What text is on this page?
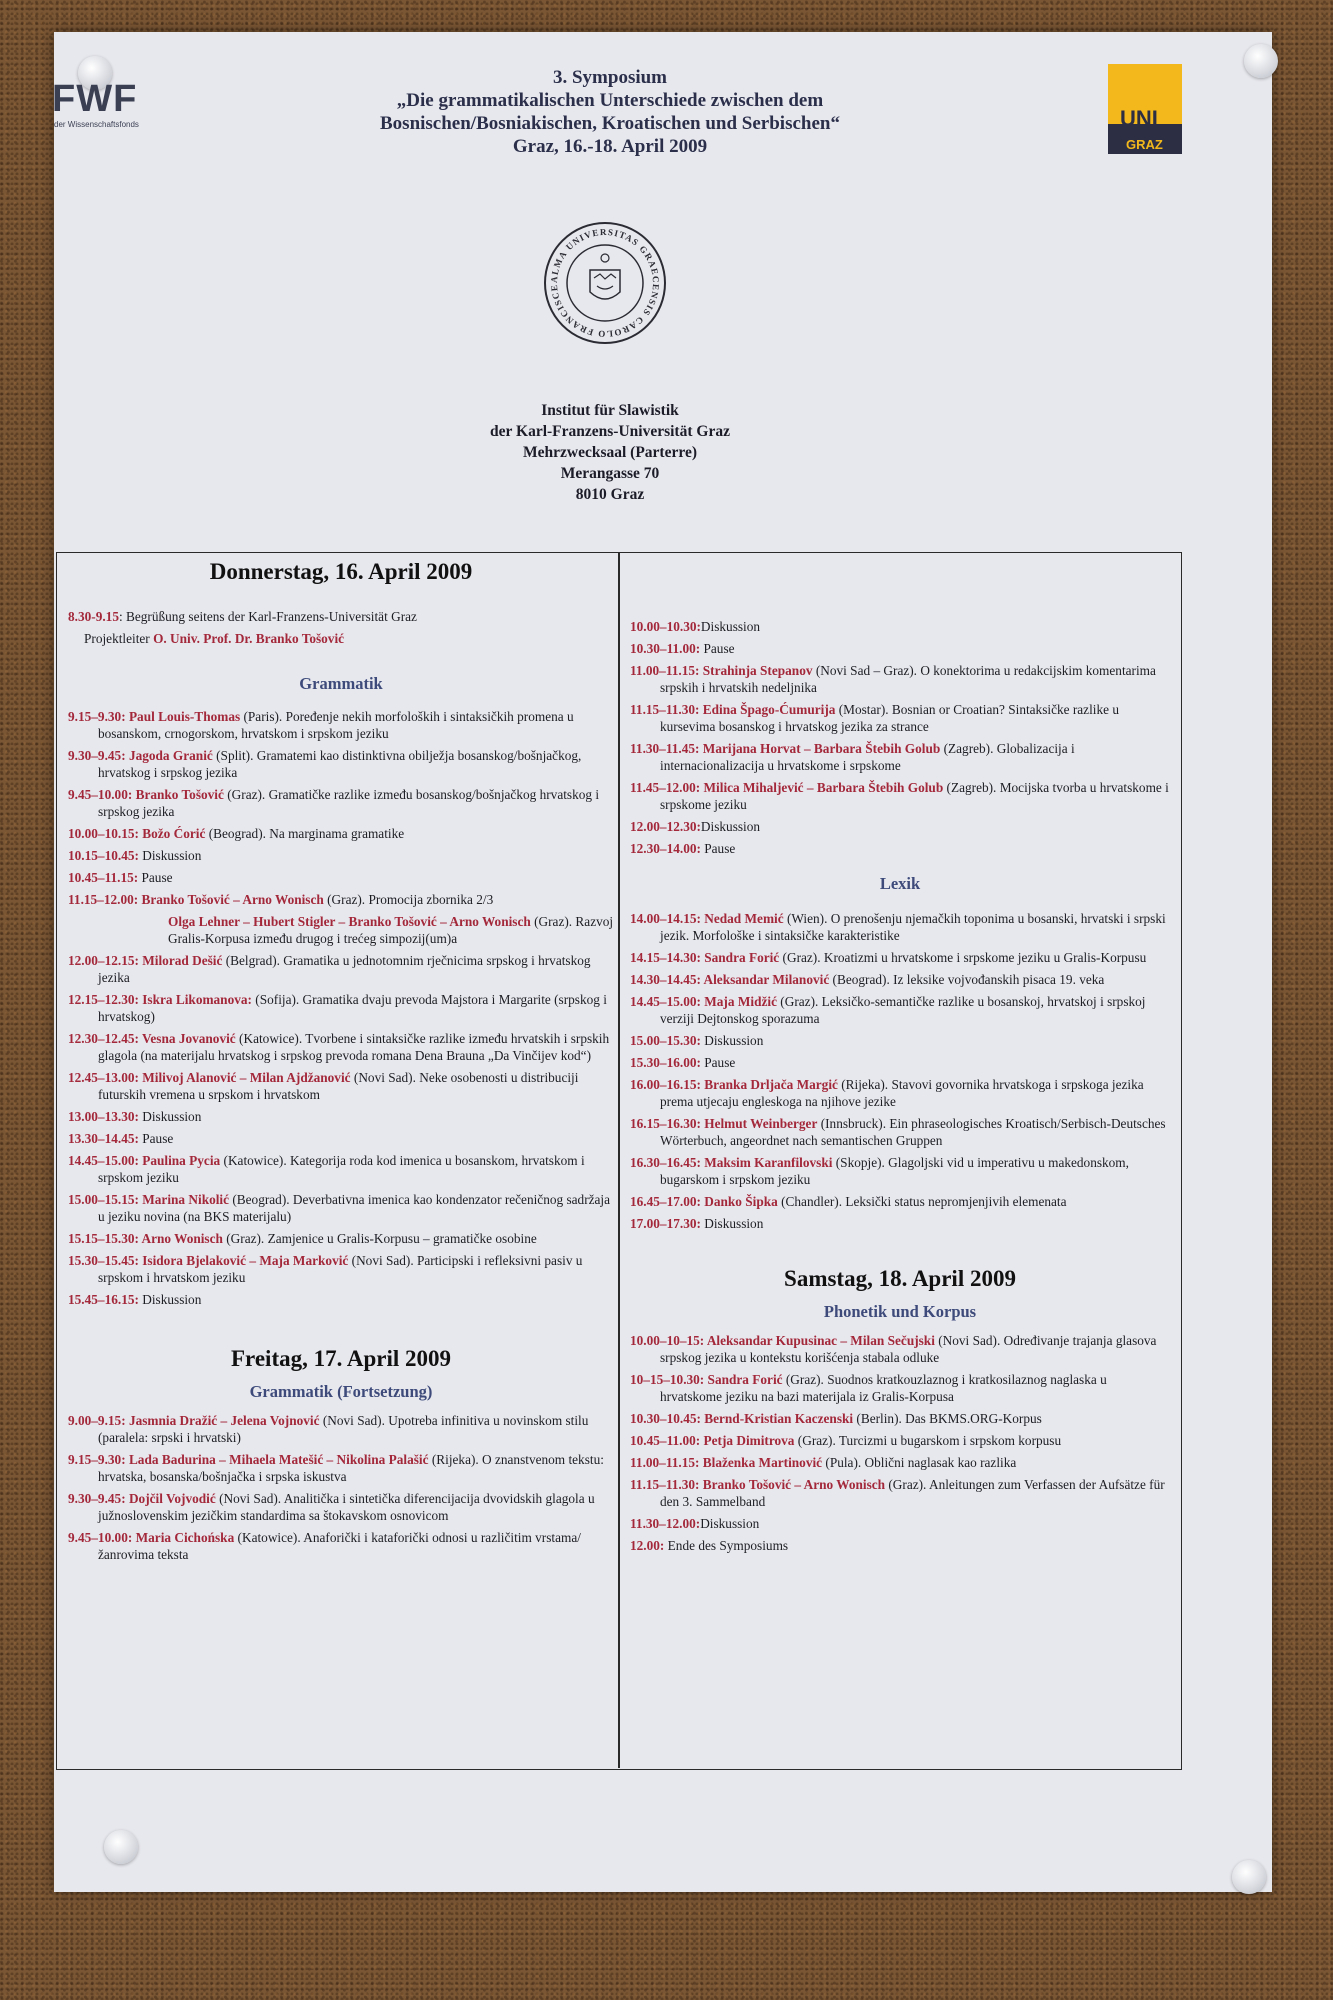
FWF
der Wissenschaftsfonds	UNI
GRAZ
3. Symposium
„Die grammatikalischen Unterschiede zwischen dem
Bosnischen/Bosniakischen, Kroatischen und Serbischen“
Graz, 16.-18. April 2009
ALMA UNIVERSITAS GRAECENSIS CAROLO FRANCISCE
Institut für Slawistik
der Karl-Franzens-Universität Graz
Mehrzwecksaal (Parterre)
Merangasse 70
8010 Graz
Donnerstag, 16. April 2009
8.30-9.15: Begrüßung seitens der Karl-Franzens-Universität Graz
Projektleiter O. Univ. Prof. Dr. Branko Tošović
Grammatik
9.15–9.30: Paul Louis-Thomas (Paris). Poređenje nekih morfoloških i sintaksičkih promena u bosanskom, crnogorskom, hrvatskom i srpskom jeziku
9.30–9.45: Jagoda Granić (Split). Gramatemi kao distinktivna obilježja bosanskog/bošnjačkog, hrvatskog i srpskog jezika
9.45–10.00: Branko Tošović (Graz). Gramatičke razlike između bosanskog/bošnjačkog hrvatskog i srpskog jezika
10.00–10.15: Božo Ćorić (Beograd). Na marginama gramatike
10.15–10.45: Diskussion
10.45–11.15: Pause
11.15–12.00: Branko Tošović – Arno Wonisch (Graz). Promocija zbornika 2/3
Olga Lehner – Hubert Stigler – Branko Tošović – Arno Wonisch (Graz). Razvoj Gralis-Korpusa između drugog i trećeg simpozij(um)a
12.00–12.15: Milorad Dešić (Belgrad). Gramatika u jednotomnim rječnicima srpskog i hrvatskog jezika
12.15–12.30: Iskra Likomanova: (Sofija). Gramatika dvaju prevoda Majstora i Margarite (srpskog i hrvatskog)
12.30–12.45: Vesna Jovanović (Katowice). Tvorbene i sintaksičke razlike između hrvatskih i srpskih glagola (na materijalu hrvatskog i srpskog prevoda romana Dena Brauna „Da Vinčijev kod“)
12.45–13.00: Milivoj Alanović – Milan Ajdžanović (Novi Sad). Neke osobenosti u distribuciji futurskih vremena u srpskom i hrvatskom
13.00–13.30: Diskussion
13.30–14.45: Pause
14.45–15.00: Paulina Pycia (Katowice). Kategorija roda kod imenica u bosanskom, hrvatskom i srpskom jeziku
15.00–15.15: Marina Nikolić (Beograd). Deverbativna imenica kao kondenzator rečeničnog sadržaja u jeziku novina (na BKS materijalu)
15.15–15.30: Arno Wonisch (Graz). Zamjenice u Gralis-Korpusu – gramatičke osobine
15.30–15.45: Isidora Bjelaković – Maja Marković (Novi Sad). Participski i refleksivni pasiv u srpskom i hrvatskom jeziku
15.45–16.15: Diskussion
Freitag, 17. April 2009
Grammatik (Fortsetzung)
9.00–9.15: Jasmnia Dražić – Jelena Vojnović (Novi Sad). Upotreba infinitiva u novinskom stilu (paralela: srpski i hrvatski)
9.15–9.30: Lada Badurina – Mihaela Matešić – Nikolina Palašić (Rijeka). O znanstvenom tekstu: hrvatska, bosanska/bošnjačka i srpska iskustva
9.30–9.45: Dojčil Vojvodić (Novi Sad). Analitička i sintetička diferencijacija dvovidskih glagola u južnoslovenskim jezičkim standardima sa štokavskom osnovicom
9.45–10.00: Maria Cichońska (Katowice). Anaforički i kataforički odnosi u različitim vrstama/žanrovima teksta
10.00–10.30:Diskussion
10.30–11.00: Pause
11.00–11.15: Strahinja Stepanov (Novi Sad – Graz). O konektorima u redakcijskim komentarima srpskih i hrvatskih nedeljnika
11.15–11.30: Edina Špago-Ćumurija (Mostar). Bosnian or Croatian? Sintaksičke razlike u kursevima bosanskog i hrvatskog jezika za strance
11.30–11.45: Marijana Horvat – Barbara Štebih Golub (Zagreb). Globalizacija i internacionalizacija u hrvatskome i srpskome
11.45–12.00: Milica Mihaljević – Barbara Štebih Golub (Zagreb). Mocijska tvorba u hrvatskome i srpskome jeziku
12.00–12.30:Diskussion
12.30–14.00: Pause
Lexik
14.00–14.15: Nedad Memić (Wien). O prenošenju njemačkih toponima u bosanski, hrvatski i srpski jezik. Morfološke i sintaksičke karakteristike
14.15–14.30: Sandra Forić (Graz). Kroatizmi u hrvatskome i srpskome jeziku u Gralis-Korpusu
14.30–14.45: Aleksandar Milanović (Beograd). Iz leksike vojvođanskih pisaca 19. veka
14.45–15.00: Maja Midžić (Graz). Leksičko-semantičke razlike u bosanskoj, hrvatskoj i srpskoj verziji Dejtonskog sporazuma
15.00–15.30: Diskussion
15.30–16.00: Pause
16.00–16.15: Branka Drljača Margić (Rijeka). Stavovi govornika hrvatskoga i srpskoga jezika prema utjecaju engleskoga na njihove jezike
16.15–16.30: Helmut Weinberger (Innsbruck). Ein phraseologisches Kroatisch/Serbisch-Deutsches Wörterbuch, angeordnet nach semantischen Gruppen
16.30–16.45: Maksim Karanfilovski (Skopje). Glagoljski vid u imperativu u makedonskom, bugarskom i srpskom jeziku
16.45–17.00: Danko Šipka (Chandler). Leksički status nepromjenjivih elemenata
17.00–17.30: Diskussion
Samstag, 18. April 2009
Phonetik und Korpus
10.00–10–15: Aleksandar Kupusinac – Milan Sečujski (Novi Sad). Određivanje trajanja glasova srpskog jezika u kontekstu korišćenja stabala odluke
10–15–10.30: Sandra Forić (Graz). Suodnos kratkouzlaznog i kratkosilaznog naglaska u hrvatskome jeziku na bazi materijala iz Gralis-Korpusa
10.30–10.45: Bernd-Kristian Kaczenski (Berlin). Das BKMS.ORG-Korpus
10.45–11.00: Petja Dimitrova (Graz). Turcizmi u bugarskom i srpskom korpusu
11.00–11.15: Blaženka Martinović (Pula). Oblični naglasak kao razlika
11.15–11.30: Branko Tošović – Arno Wonisch (Graz). Anleitungen zum Verfassen der Aufsätze für den 3. Sammelband
11.30–12.00:Diskussion
12.00: Ende des Symposiums
